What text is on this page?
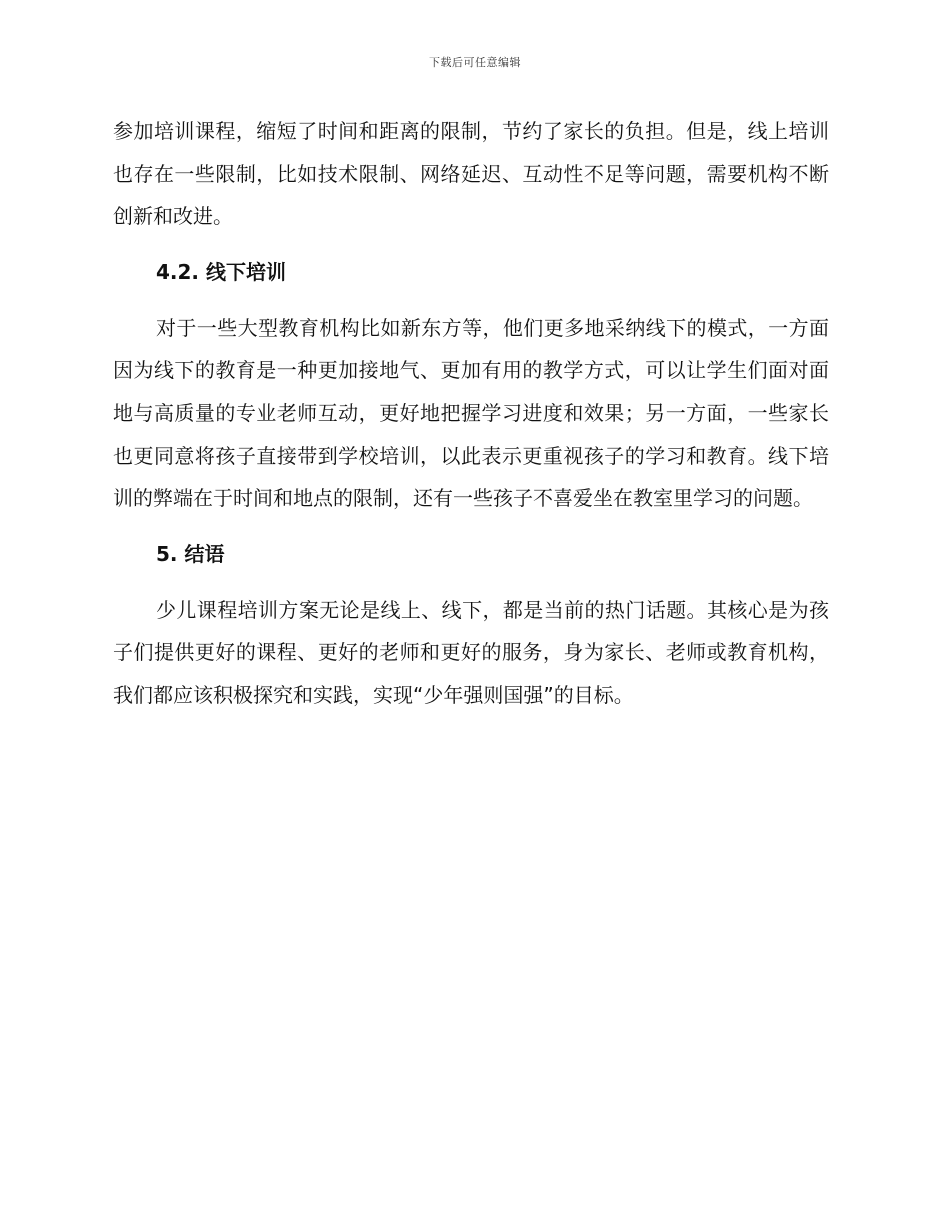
下载后可任意编辑

参加培训课程，缩短了时间和距离的限制，节约了家长的负担。但是，线上培训也存在一些限制，比如技术限制、网络延迟、互动性不足等问题，需要机构不断创新和改进。

4.2. 线下培训

对于一些大型教育机构比如新东方等，他们更多地采纳线下的模式，一方面因为线下的教育是一种更加接地气、更加有用的教学方式，可以让学生们面对面地与高质量的专业老师互动，更好地把握学习进度和效果；另一方面，一些家长也更同意将孩子直接带到学校培训，以此表示更重视孩子的学习和教育。线下培训的弊端在于时间和地点的限制，还有一些孩子不喜爱坐在教室里学习的问题。

5. 结语

少儿课程培训方案无论是线上、线下，都是当前的热门话题。其核心是为孩子们提供更好的课程、更好的老师和更好的服务，身为家长、老师或教育机构，我们都应该积极探究和实践，实现“少年强则国强”的目标。
